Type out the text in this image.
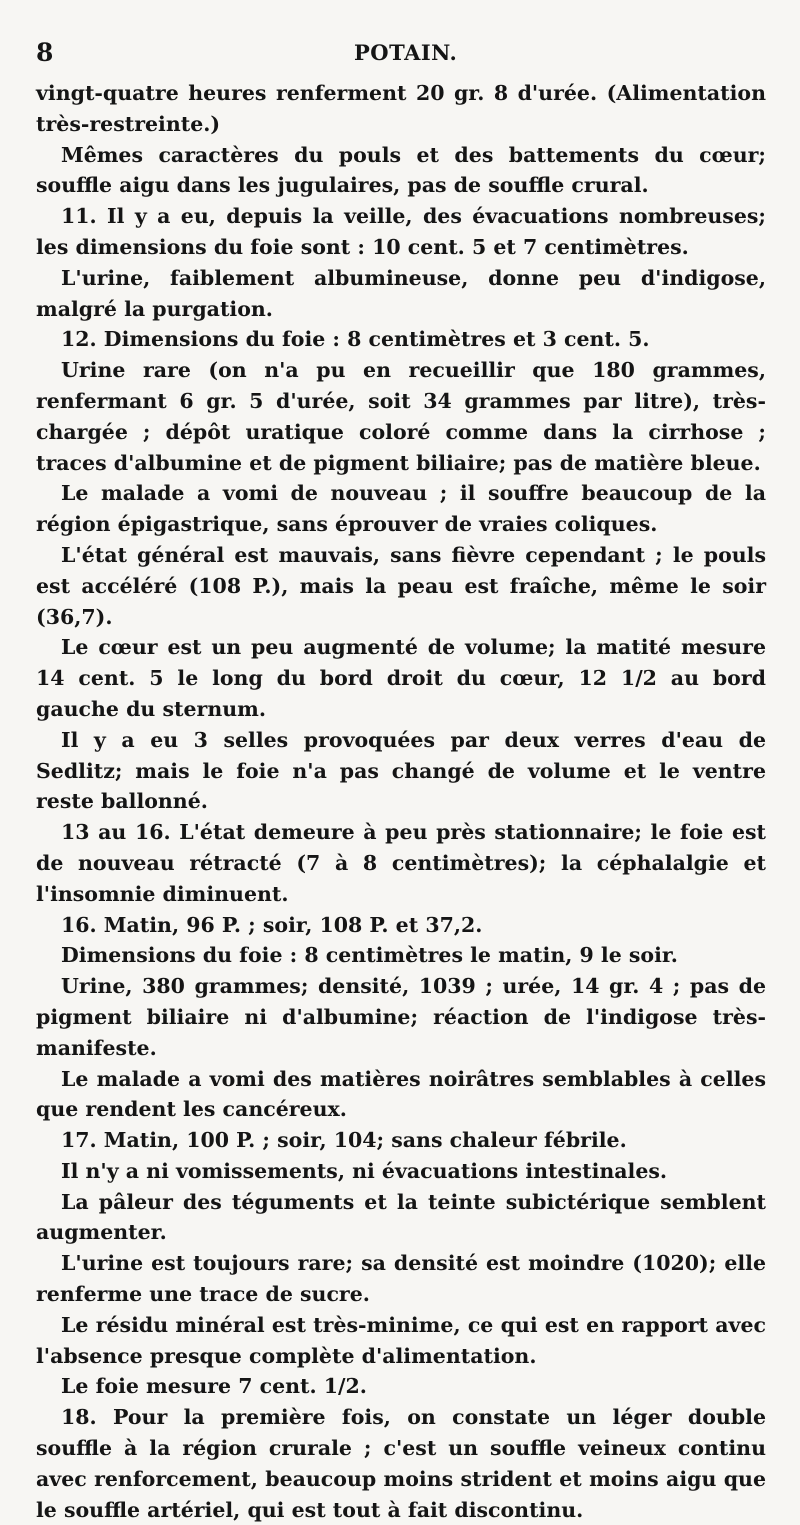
8	POTAIN.

vingt-quatre heures renferment 20 gr. 8 d'urée. (Alimentation très-restreinte.)

Mêmes caractères du pouls et des battements du cœur; souffle aigu dans les jugulaires, pas de souffle crural.

11. Il y a eu, depuis la veille, des évacuations nombreuses; les dimensions du foie sont : 10 cent. 5 et 7 centimètres.

L'urine, faiblement albumineuse, donne peu d'indigose, malgré la purgation.

12. Dimensions du foie : 8 centimètres et 3 cent. 5.

Urine rare (on n'a pu en recueillir que 180 grammes, renfermant 6 gr. 5 d'urée, soit 34 grammes par litre), très-chargée ; dépôt uratique coloré comme dans la cirrhose ; traces d'albumine et de pigment biliaire; pas de matière bleue.

Le malade a vomi de nouveau ; il souffre beaucoup de la région épigastrique, sans éprouver de vraies coliques.

L'état général est mauvais, sans fièvre cependant ; le pouls est accéléré (108 P.), mais la peau est fraîche, même le soir (36,7).

Le cœur est un peu augmenté de volume; la matité mesure 14 cent. 5 le long du bord droit du cœur, 12 1/2 au bord gauche du sternum.

Il y a eu 3 selles provoquées par deux verres d'eau de Sedlitz; mais le foie n'a pas changé de volume et le ventre reste ballonné.

13 au 16. L'état demeure à peu près stationnaire; le foie est de nouveau rétracté (7 à 8 centimètres); la céphalalgie et l'insomnie diminuent.

16. Matin, 96 P. ; soir, 108 P. et 37,2.

Dimensions du foie : 8 centimètres le matin, 9 le soir.

Urine, 380 grammes; densité, 1039 ; urée, 14 gr. 4 ; pas de pigment biliaire ni d'albumine; réaction de l'indigose très-manifeste.

Le malade a vomi des matières noirâtres semblables à celles que rendent les cancéreux.

17. Matin, 100 P. ; soir, 104; sans chaleur fébrile.

Il n'y a ni vomissements, ni évacuations intestinales.

La pâleur des téguments et la teinte subictérique semblent augmenter.

L'urine est toujours rare; sa densité est moindre (1020); elle renferme une trace de sucre.

Le résidu minéral est très-minime, ce qui est en rapport avec l'absence presque complète d'alimentation.

Le foie mesure 7 cent. 1/2.

18. Pour la première fois, on constate un léger double souffle à la région crurale ; c'est un souffle veineux continu avec renforcement, beaucoup moins strident et moins aigu que le souffle artériel, qui est tout à fait discontinu.
